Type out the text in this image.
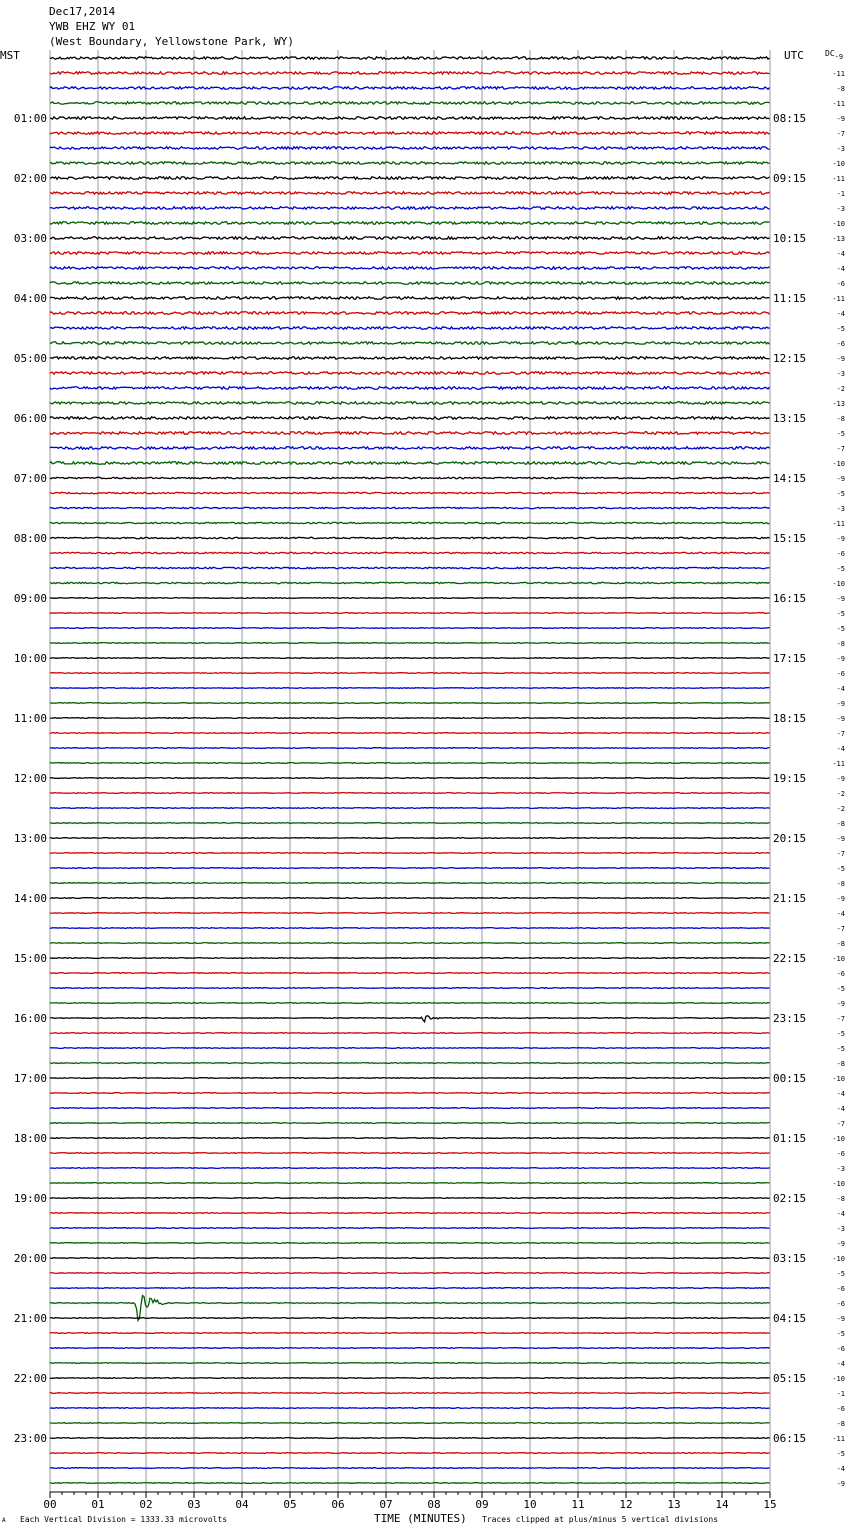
Dec17,2014
YWB EHZ WY 01
(West Boundary, Yellowstone Park, WY)
MST	UTC	DC-9
01:00
02:00
03:00
04:00
05:00
06:00
07:00
08:00
09:00
10:00
11:00
12:00
13:00
14:00
15:00
16:00
17:00
18:00
19:00
20:00
21:00
22:00
23:00
08:15
09:15
10:15
11:15
12:15
13:15
14:15
15:15
16:15
17:15
18:15
19:15
20:15
21:15
22:15
23:15
00:15
01:15
02:15
03:15
04:15
05:15
06:15
-11
-8
-11
-9
-7
-3
-10
-11
-1
-3
-10
-13
-4
-4
-6
-11
-4
-5
-6
-9
-3
-2
-13
-8
-5
-7
-10
-9
-5
-3
-11
-9
-6
-5
-10
-9
-5
-5
-8
-9
-6
-4
-9
-9
-7
-4
-11
-9
-2
-2
-8
-9
-7
-5
-8
-9
-4
-7
-8
-10
-6
-5
-9
-7
-5
-5
-8
-10
-4
-4
-7
-10
-6
-3
-10
-8
-4
-3
-9
-10
-5
-6
-6
-9
-5
-6
-4
-10
-1
-6
-8
-11
-5
-4
-9
00	01	02	03	04	05	06	07	08	09	10	11	12	13	14	15
TIME (MINUTES)
Each Vertical Division = 1333.33 microvolts	Traces clipped at plus/minus 5 vertical divisions
A
